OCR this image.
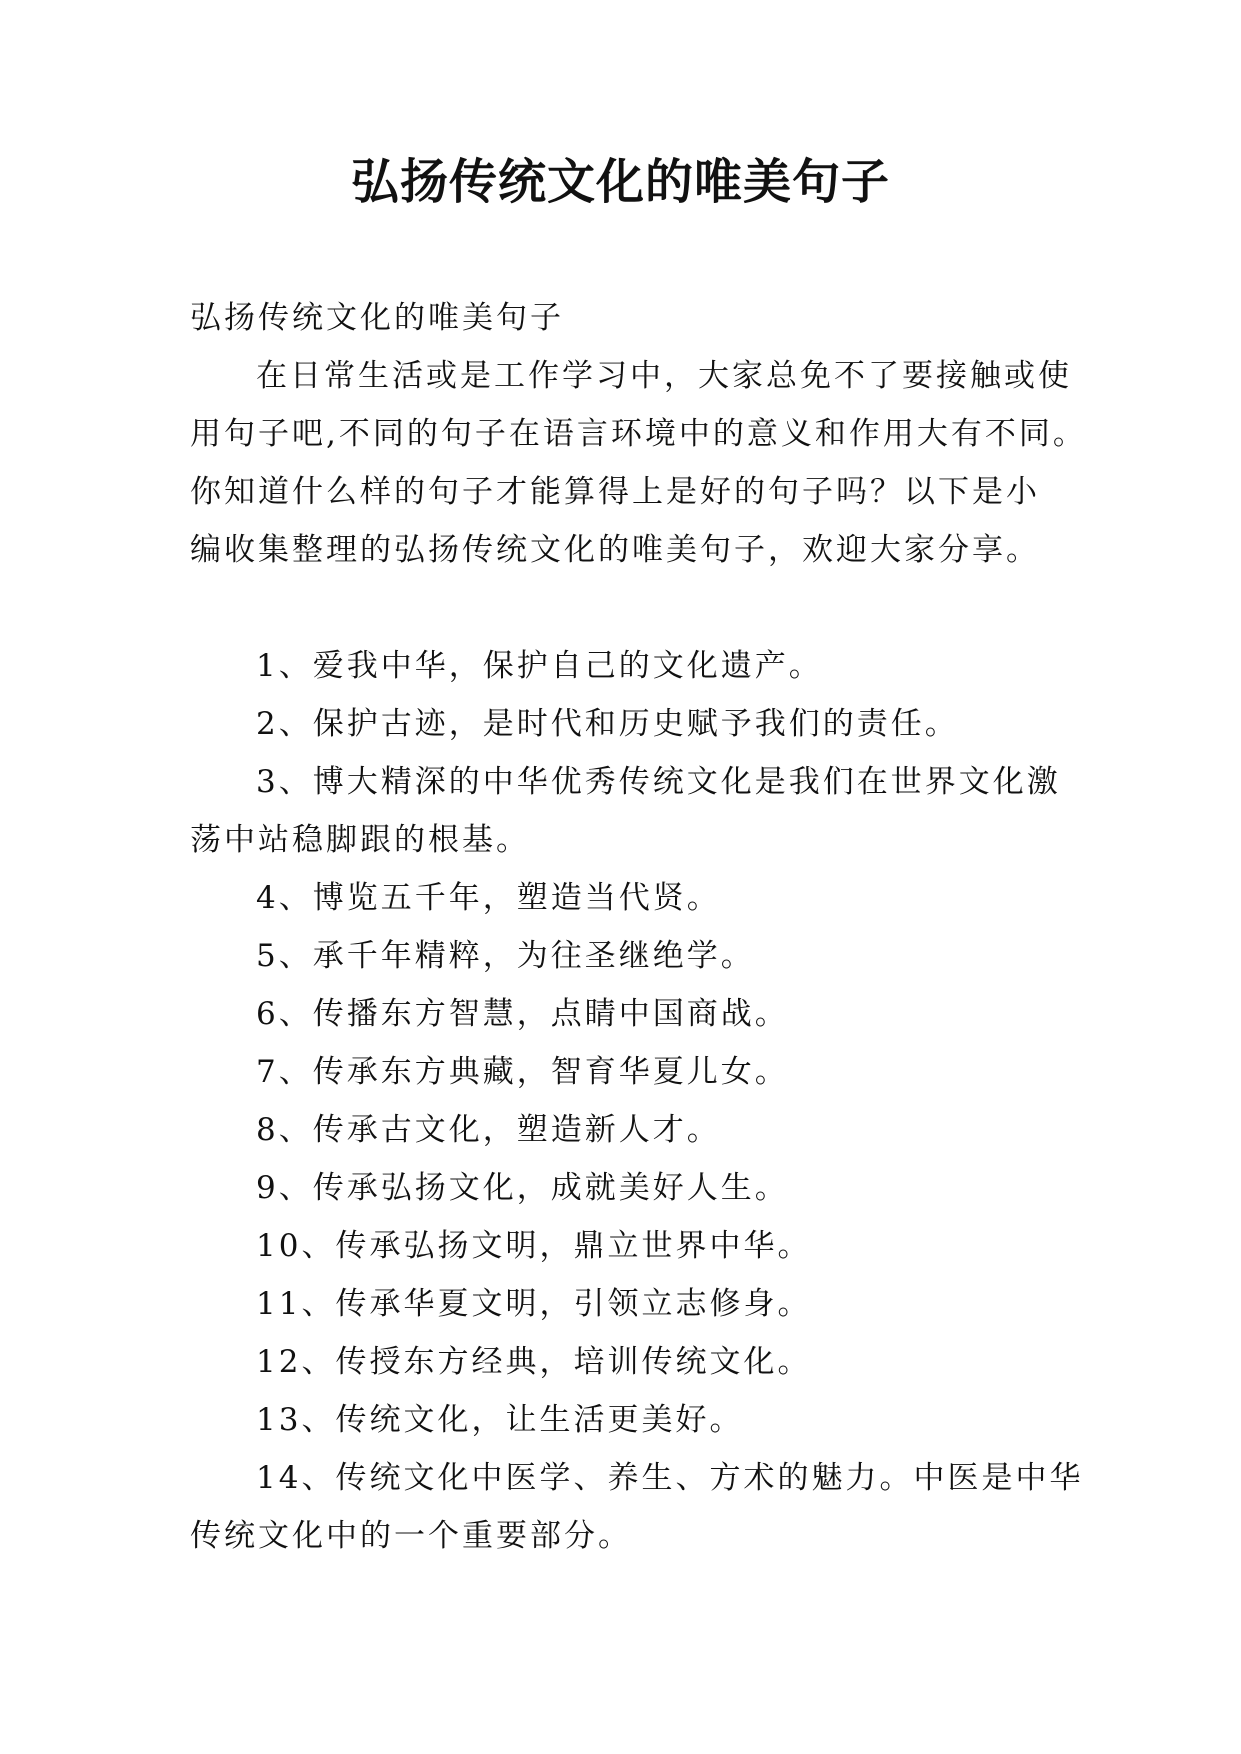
弘扬传统文化的唯美句子

弘扬传统文化的唯美句子

在日常生活或是工作学习中，大家总免不了要接触或使
用句子吧,不同的句子在语言环境中的意义和作用大有不同。
你知道什么样的句子才能算得上是好的句子吗？以下是小
编收集整理的弘扬传统文化的唯美句子，欢迎大家分享。
1、爱我中华，保护自己的文化遗产。
2、保护古迹，是时代和历史赋予我们的责任。
3、博大精深的中华优秀传统文化是我们在世界文化激
荡中站稳脚跟的根基。
4、博览五千年，塑造当代贤。
5、承千年精粹，为往圣继绝学。
6、传播东方智慧，点睛中国商战。
7、传承东方典藏，智育华夏儿女。
8、传承古文化，塑造新人才。
9、传承弘扬文化，成就美好人生。
10、传承弘扬文明，鼎立世界中华。
11、传承华夏文明，引领立志修身。
12、传授东方经典，培训传统文化。
13、传统文化，让生活更美好。
14、传统文化中医学、养生、方术的魅力。中医是中华
传统文化中的一个重要部分。
